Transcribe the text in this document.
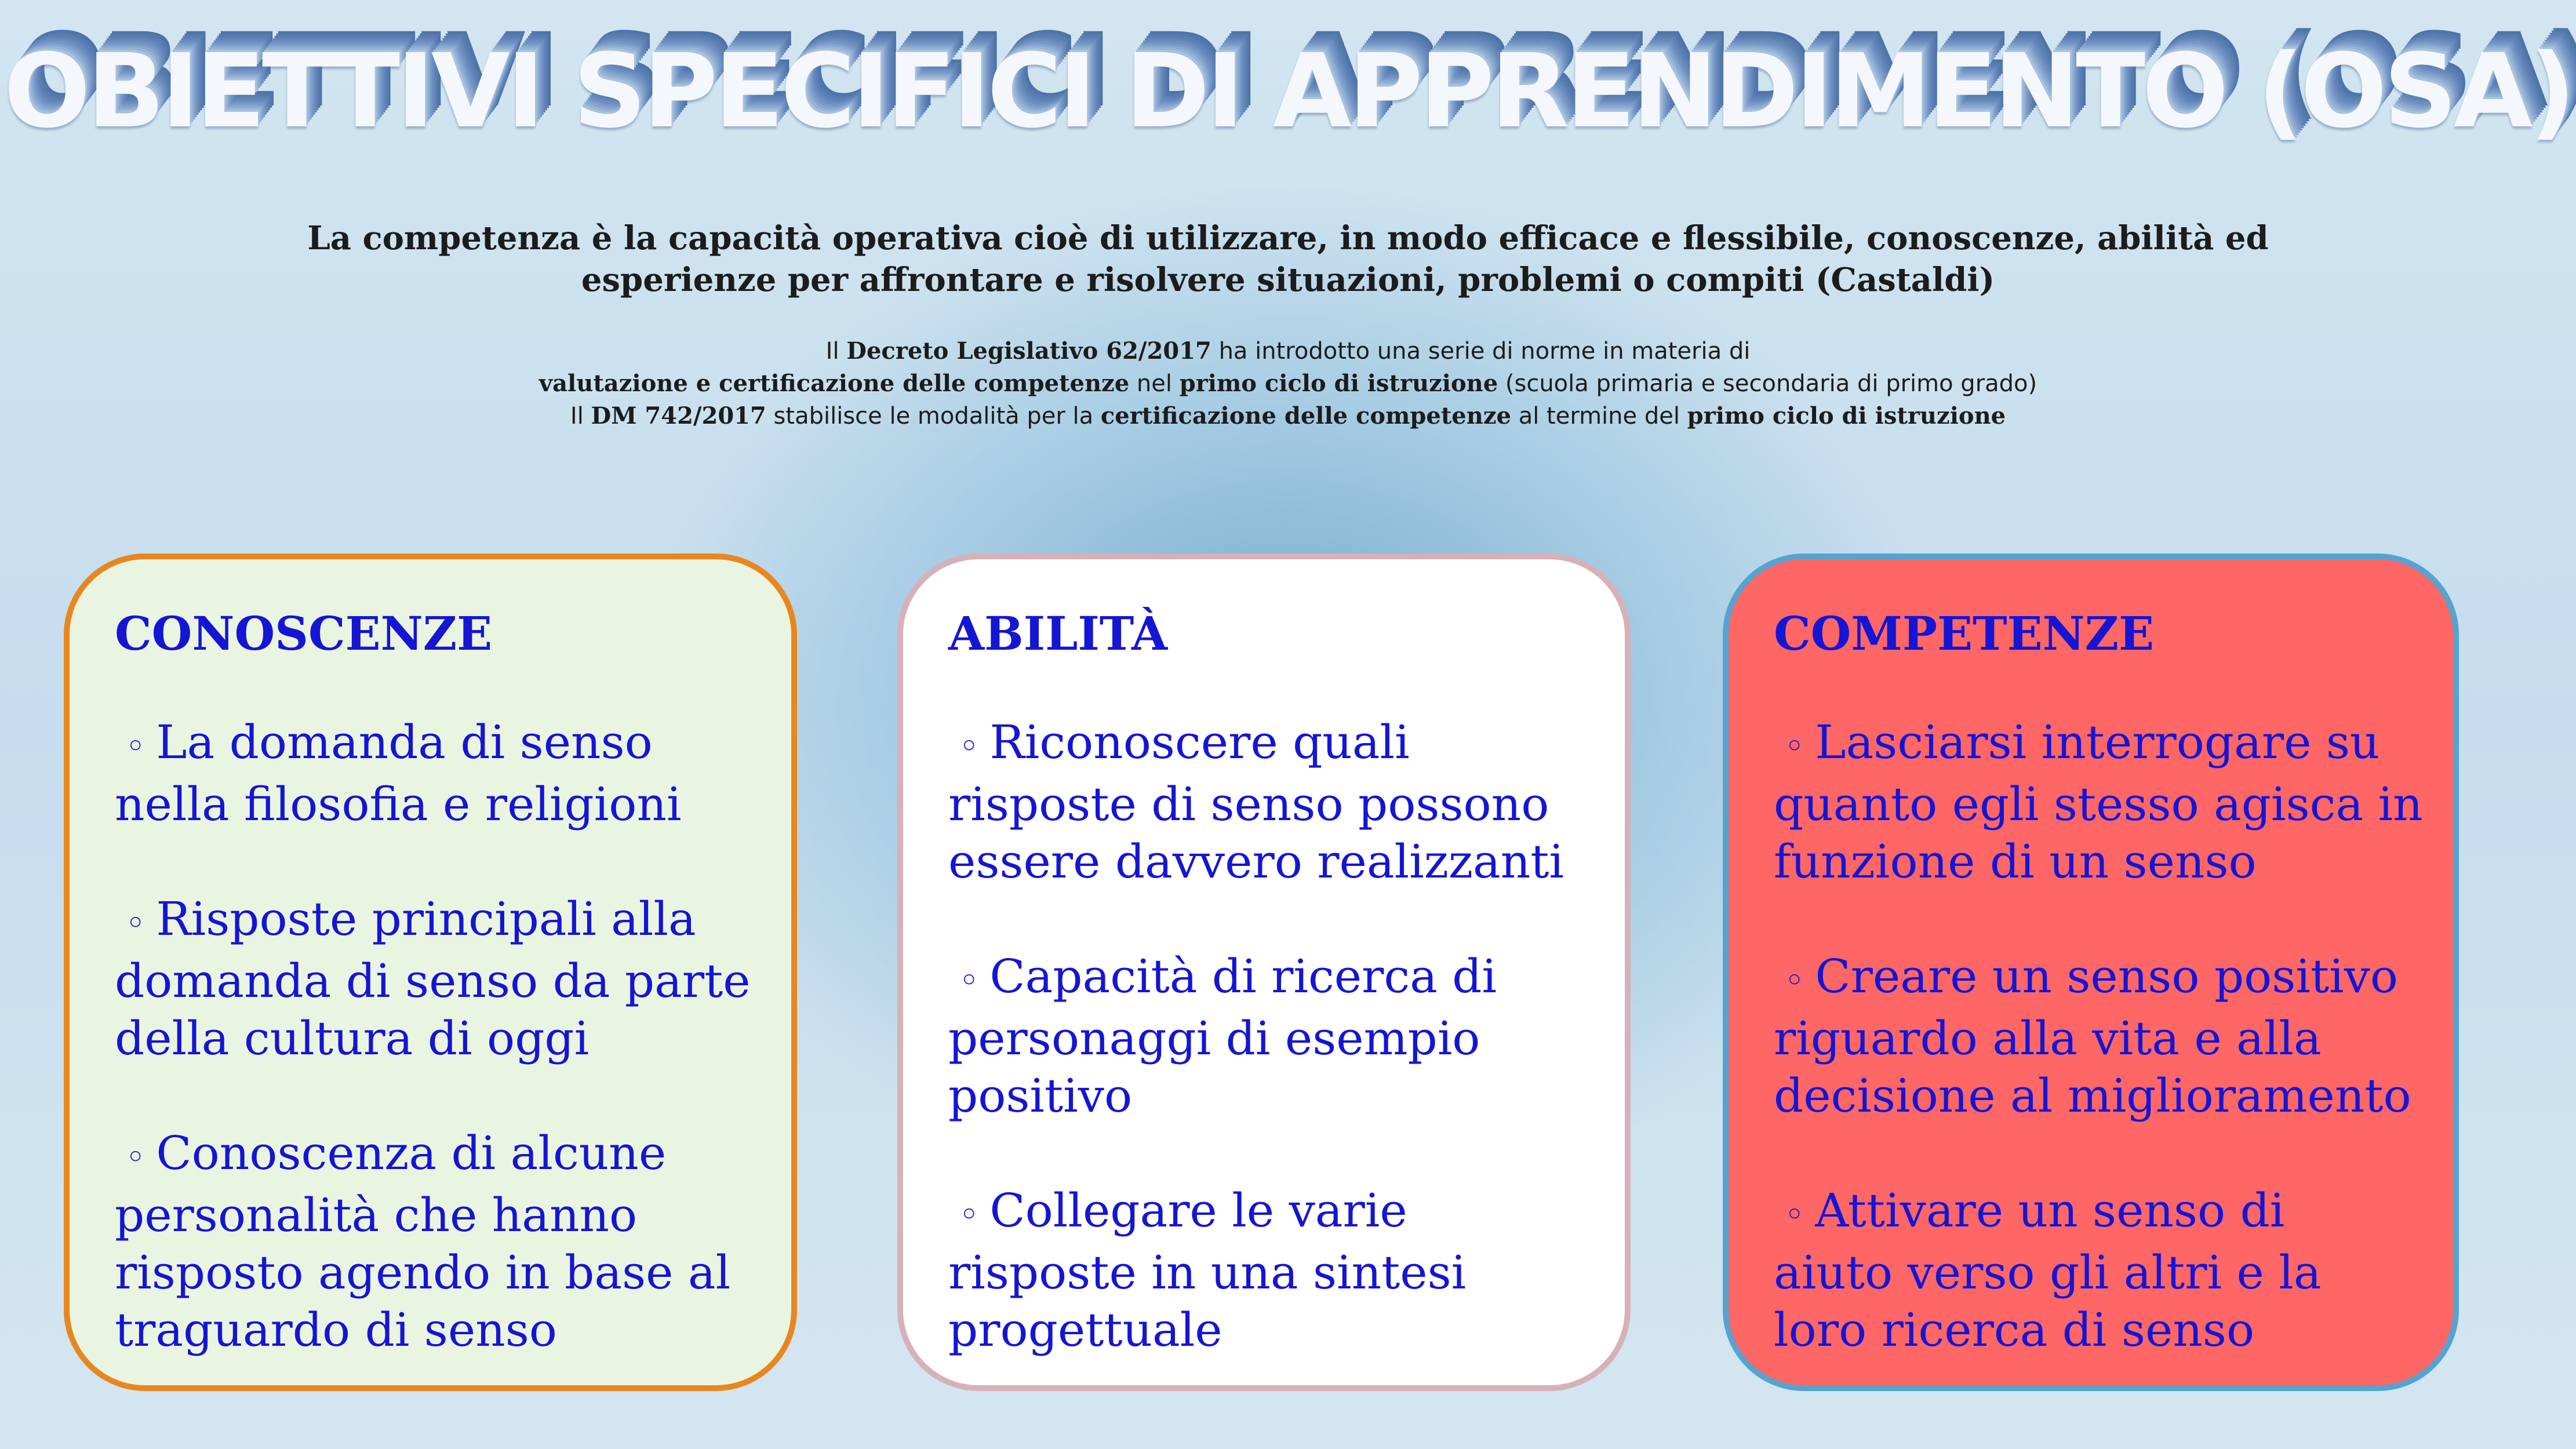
OBIETTIVI SPECIFICI DI APPRENDIMENTO (OSA)
La competenza è la capacità operativa cioè di utilizzare, in modo efficace e flessibile, conoscenze, abilità ed
esperienze per affrontare e risolvere situazioni, problemi o compiti (Castaldi)
Il Decreto Legislativo 62/2017 ha introdotto una serie di norme in materia di
valutazione e certificazione delle competenze nel primo ciclo di istruzione (scuola primaria e secondaria di primo grado)
Il DM 742/2017 stabilisce le modalità per la certificazione delle competenze al termine del primo ciclo di istruzione
CONOSCENZE
◦ La domanda di senso
nella filosofia e religioni
◦ Risposte principali alla
domanda di senso da parte
della cultura di oggi
◦ Conoscenza di alcune
personalità che hanno
risposto agendo in base al
traguardo di senso
ABILITÀ
◦ Riconoscere quali
risposte di senso possono
essere davvero realizzanti
◦ Capacità di ricerca di
personaggi di esempio
positivo
◦ Collegare le varie
risposte in una sintesi
progettuale
COMPETENZE
◦ Lasciarsi interrogare su
quanto egli stesso agisca in
funzione di un senso
◦ Creare un senso positivo
riguardo alla vita e alla
decisione al miglioramento
◦ Attivare un senso di
aiuto verso gli altri e la
loro ricerca di senso
